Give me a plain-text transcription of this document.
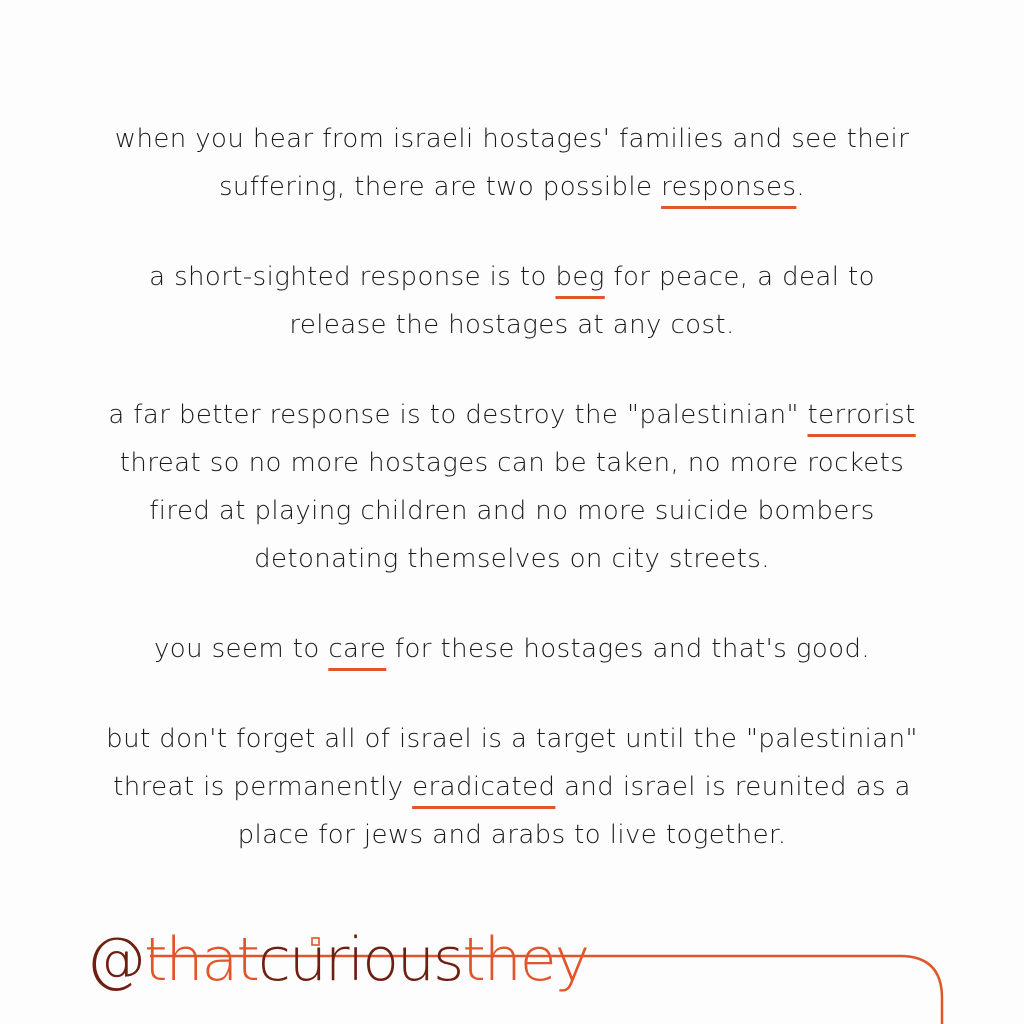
when you hear from israeli hostages' families and see their
suffering, there are two possible responses.
a short-sighted response is to beg for peace, a deal to
release the hostages at any cost.
a far better response is to destroy the "palestinian" terrorist
threat so no more hostages can be taken, no more rockets
fired at playing children and no more suicide bombers
detonating themselves on city streets.
you seem to care for these hostages and that's good.
but don't forget all of israel is a target until the "palestinian"
threat is permanently eradicated and israel is reunited as a
place for jews and arabs to live together.
@thatcuriousthey
